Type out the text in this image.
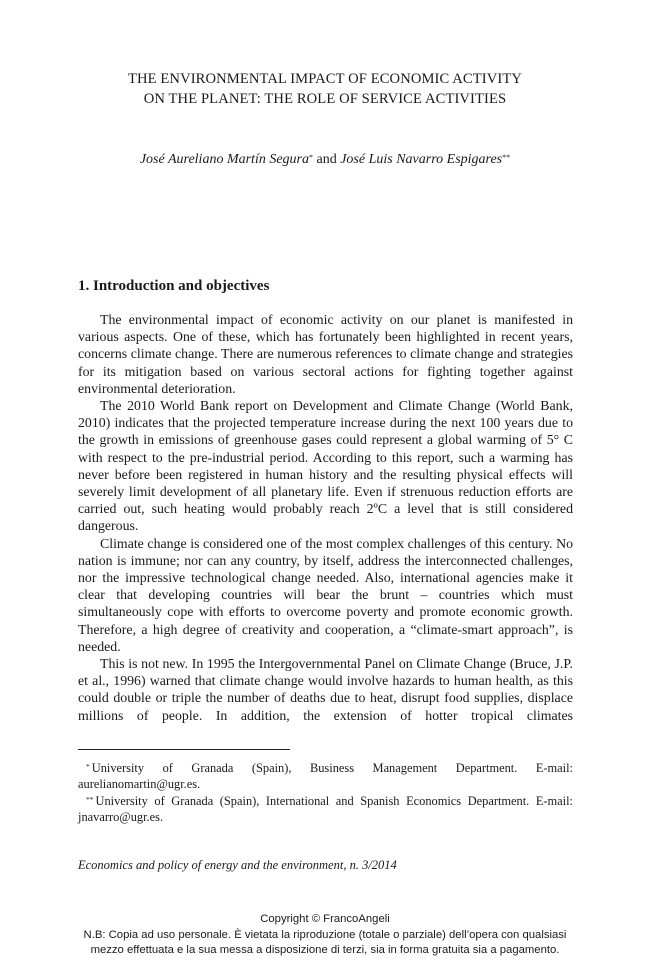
THE ENVIRONMENTAL IMPACT OF ECONOMIC ACTIVITY
ON THE PLANET: THE ROLE OF SERVICE ACTIVITIES
José Aureliano Martín Segura* and José Luis Navarro Espigares**
1. Introduction and objectives

The environmental impact of economic activity on our planet is manifested in various aspects. One of these, which has fortunately been highlighted in recent years, concerns climate change. There are numerous references to climate change and strategies for its mitigation based on various sectoral actions for fighting together against environmental deterioration.

The 2010 World Bank report on Development and Climate Change (World Bank, 2010) indicates that the projected temperature increase during the next 100 years due to the growth in emissions of greenhouse gases could represent a global warming of 5° C with respect to the pre-industrial period. According to this report, such a warming has never before been registered in human history and the resulting physical effects will severely limit development of all planetary life. Even if strenuous reduction efforts are carried out, such heating would probably reach 2ºC a level that is still considered dangerous.

Climate change is considered one of the most complex challenges of this century. No nation is immune; nor can any country, by itself, address the interconnected challenges, nor the impressive technological change needed. Also, international agencies make it clear that developing countries will bear the brunt – countries which must simultaneously cope with efforts to overcome poverty and promote economic growth. Therefore, a high degree of creativity and cooperation, a “climate-smart approach”, is needed.

This is not new. In 1995 the Intergovernmental Panel on Climate Change (Bruce, J.P. et al., 1996) warned that climate change would involve hazards to human health, as this could double or triple the number of deaths due to heat, disrupt food supplies, displace millions of people. In addition, the extension of hotter tropical climates

* University of Granada (Spain), Business Management Department. E-mail: aurelianomartin@ugr.es.

** University of Granada (Spain), International and Spanish Economics Department. E-mail: jnavarro@ugr.es.

Economics and policy of energy and the environment, n. 3/2014
Copyright © FrancoAngeli
N.B: Copia ad uso personale. È vietata la riproduzione (totale o parziale) dell’opera con qualsiasi
mezzo effettuata e la sua messa a disposizione di terzi, sia in forma gratuita sia a pagamento.
